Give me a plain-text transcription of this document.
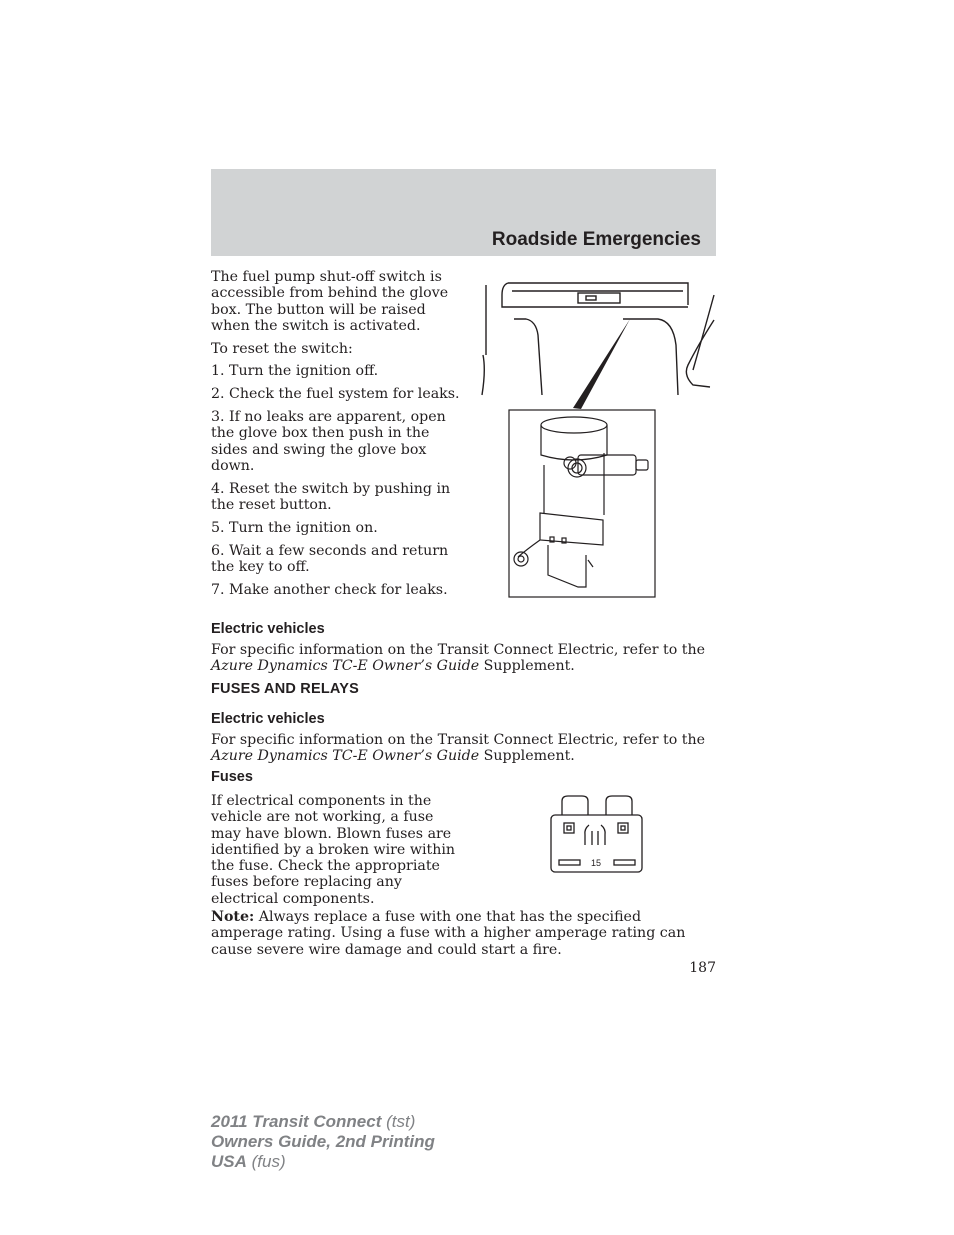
Roadside Emergencies

The fuel pump shut-off switch is accessible from behind the glove box. The button will be raised when the switch is activated.

To reset the switch:

1. Turn the ignition off.

2. Check the fuel system for leaks.

3. If no leaks are apparent, open the glove box then push in the sides and swing the glove box down.

4. Reset the switch by pushing in the reset button.

5. Turn the ignition on.

6. Wait a few seconds and return the key to off.

7. Make another check for leaks.

Electric vehicles

For specific information on the Transit Connect Electric, refer to the
Azure Dynamics TC-E Owner’s Guide Supplement.

FUSES AND RELAYS
Electric vehicles

For specific information on the Transit Connect Electric, refer to the
Azure Dynamics TC-E Owner’s Guide Supplement.

Fuses
If electrical components in the vehicle are not working, a fuse may have blown. Blown fuses are identified by a broken wire within the fuse. Check the appropriate fuses before replacing any electrical components.
15

Note: Always replace a fuse with one that has the specified amperage rating. Using a fuse with a higher amperage rating can cause severe wire damage and could start a fire.

187
2011 Transit Connect (tst)
Owners Guide, 2nd Printing
USA (fus)
